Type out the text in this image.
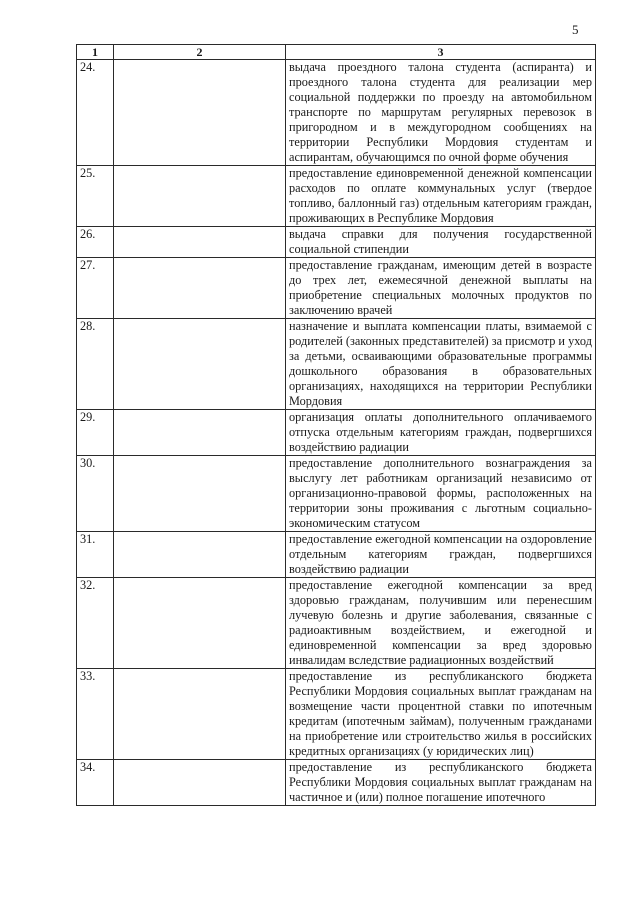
5
1	2	3
24.		выдача проездного талона студента (аспиранта) и проездного талона студента для реализации мер социальной поддержки по проезду на автомобильном транспорте по маршрутам регулярных перевозок в пригородном и в междугородном сообщениях на территории Республики Мордовия студентам и аспирантам, обучающимся по очной форме обучения
25.		предоставление единовременной денежной компенсации расходов по оплате коммунальных услуг (твердое топливо, баллонный газ) отдельным категориям граждан, проживающих в Республике Мордовия
26.		выдача справки для получения государственной социальной стипендии
27.		предоставление гражданам, имеющим детей в возрасте до трех лет, ежемесячной денежной выплаты на приобретение специальных молочных продуктов по заключению врачей
28.		назначение и выплата компенсации платы, взимаемой с родителей (законных представителей) за присмотр и уход за детьми, осваивающими образовательные программы дошкольного образования в образовательных организациях, находящихся на территории Республики Мордовия
29.		организация оплаты дополнительного оплачиваемого отпуска отдельным категориям граждан, подвергшихся воздействию радиации
30.		предоставление дополнительного вознаграждения за выслугу лет работникам организаций независимо от организационно-правовой формы, расположенных на территории зоны проживания с льготным социально-экономическим статусом
31.		предоставление ежегодной компенсации на оздоровление отдельным категориям граждан, подвергшихся воздействию радиации
32.		предоставление ежегодной компенсации за вред здоровью гражданам, получившим или перенесшим лучевую болезнь и другие заболевания, связанные с радиоактивным воздействием, и ежегодной и единовременной компенсации за вред здоровью инвалидам вследствие радиационных воздействий
33.		предоставление из республиканского бюджета Республики Мордовия социальных выплат гражданам на возмещение части процентной ставки по ипотечным кредитам (ипотечным займам), полученным гражданами на приобретение или строительство жилья в российских кредитных организациях (у юридических лиц)
34.		предоставление из республиканского бюджета Республики Мордовия социальных выплат гражданам на частичное и (или) полное погашение ипотечного
